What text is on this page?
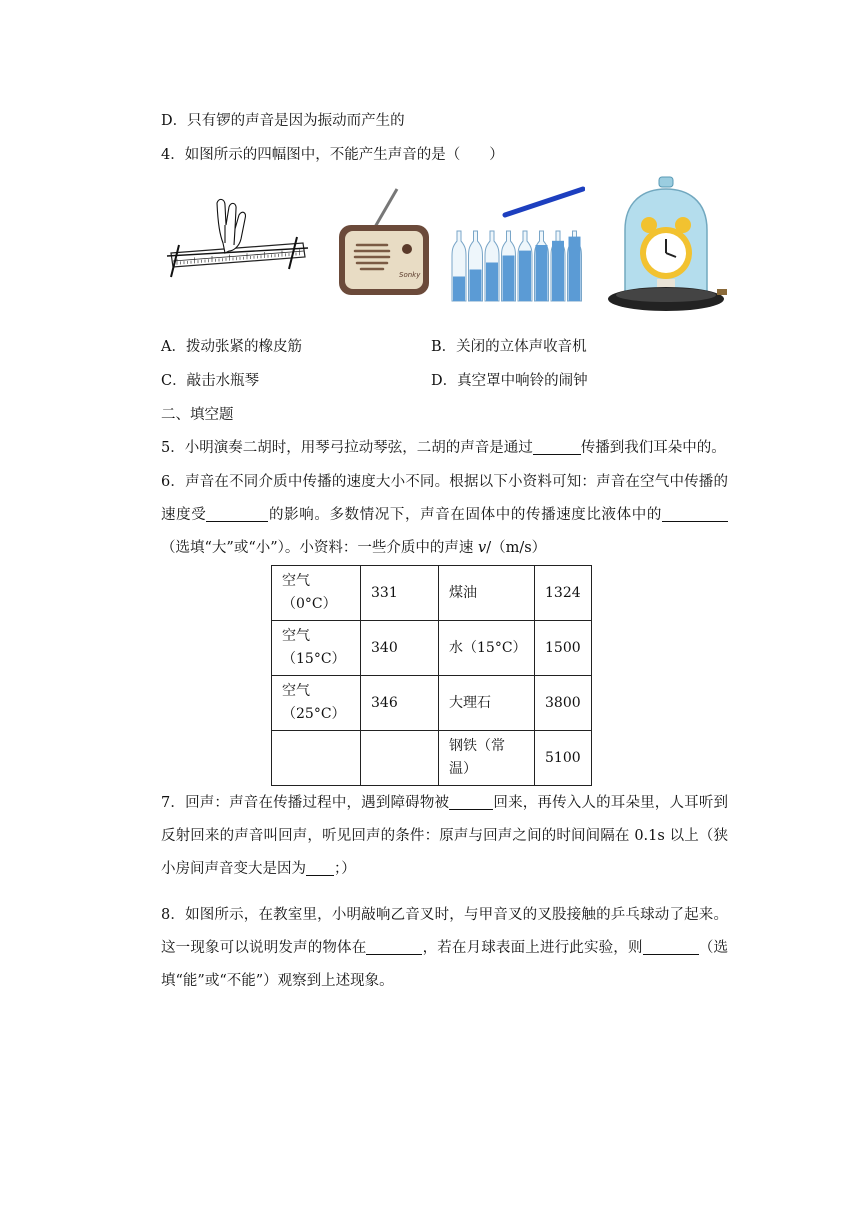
D．只有锣的声音是因为振动而产生的
4．如图所示的四幅图中，不能产生声音的是（　　）
Sonky
A．拨动张紧的橡皮筋	B．关闭的立体声收音机
C．敲击水瓶琴	D．真空罩中响铃的闹钟
二、填空题
5．小明演奏二胡时，用琴弓拉动琴弦，二胡的声音是通过	传播到我们耳朵中的。
6．声音在不同介质中传播的速度大小不同。根据以下小资料可知：声音在空气中传播的速度受	的影响。多数情况下，声音在固体中的传播速度比液体中的（选填“大”或“小”）。小资料：一些介质中的声速 v/（m/s）
空气（0°C）	331	煤油	1324
空气（15°C）	340	水（15°C）	1500
空气（25°C）	346	大理石	3800
		钢铁（常温）	5100
7．回声：声音在传播过程中，遇到障碍物被	回来，再传入人的耳朵里，人耳听到反射回来的声音叫回声，听见回声的条件：原声与回声之间的时间间隔在 0.1s 以上（狭小房间声音变大是因为 ；）
8．如图所示，在教室里，小明敲响乙音叉时，与甲音叉的叉股接触的乒乓球动了起来。这一现象可以说明发声的物体在	，若在月球表面上进行此实验，则	（选填“能”或“不能”）观察到上述现象。
